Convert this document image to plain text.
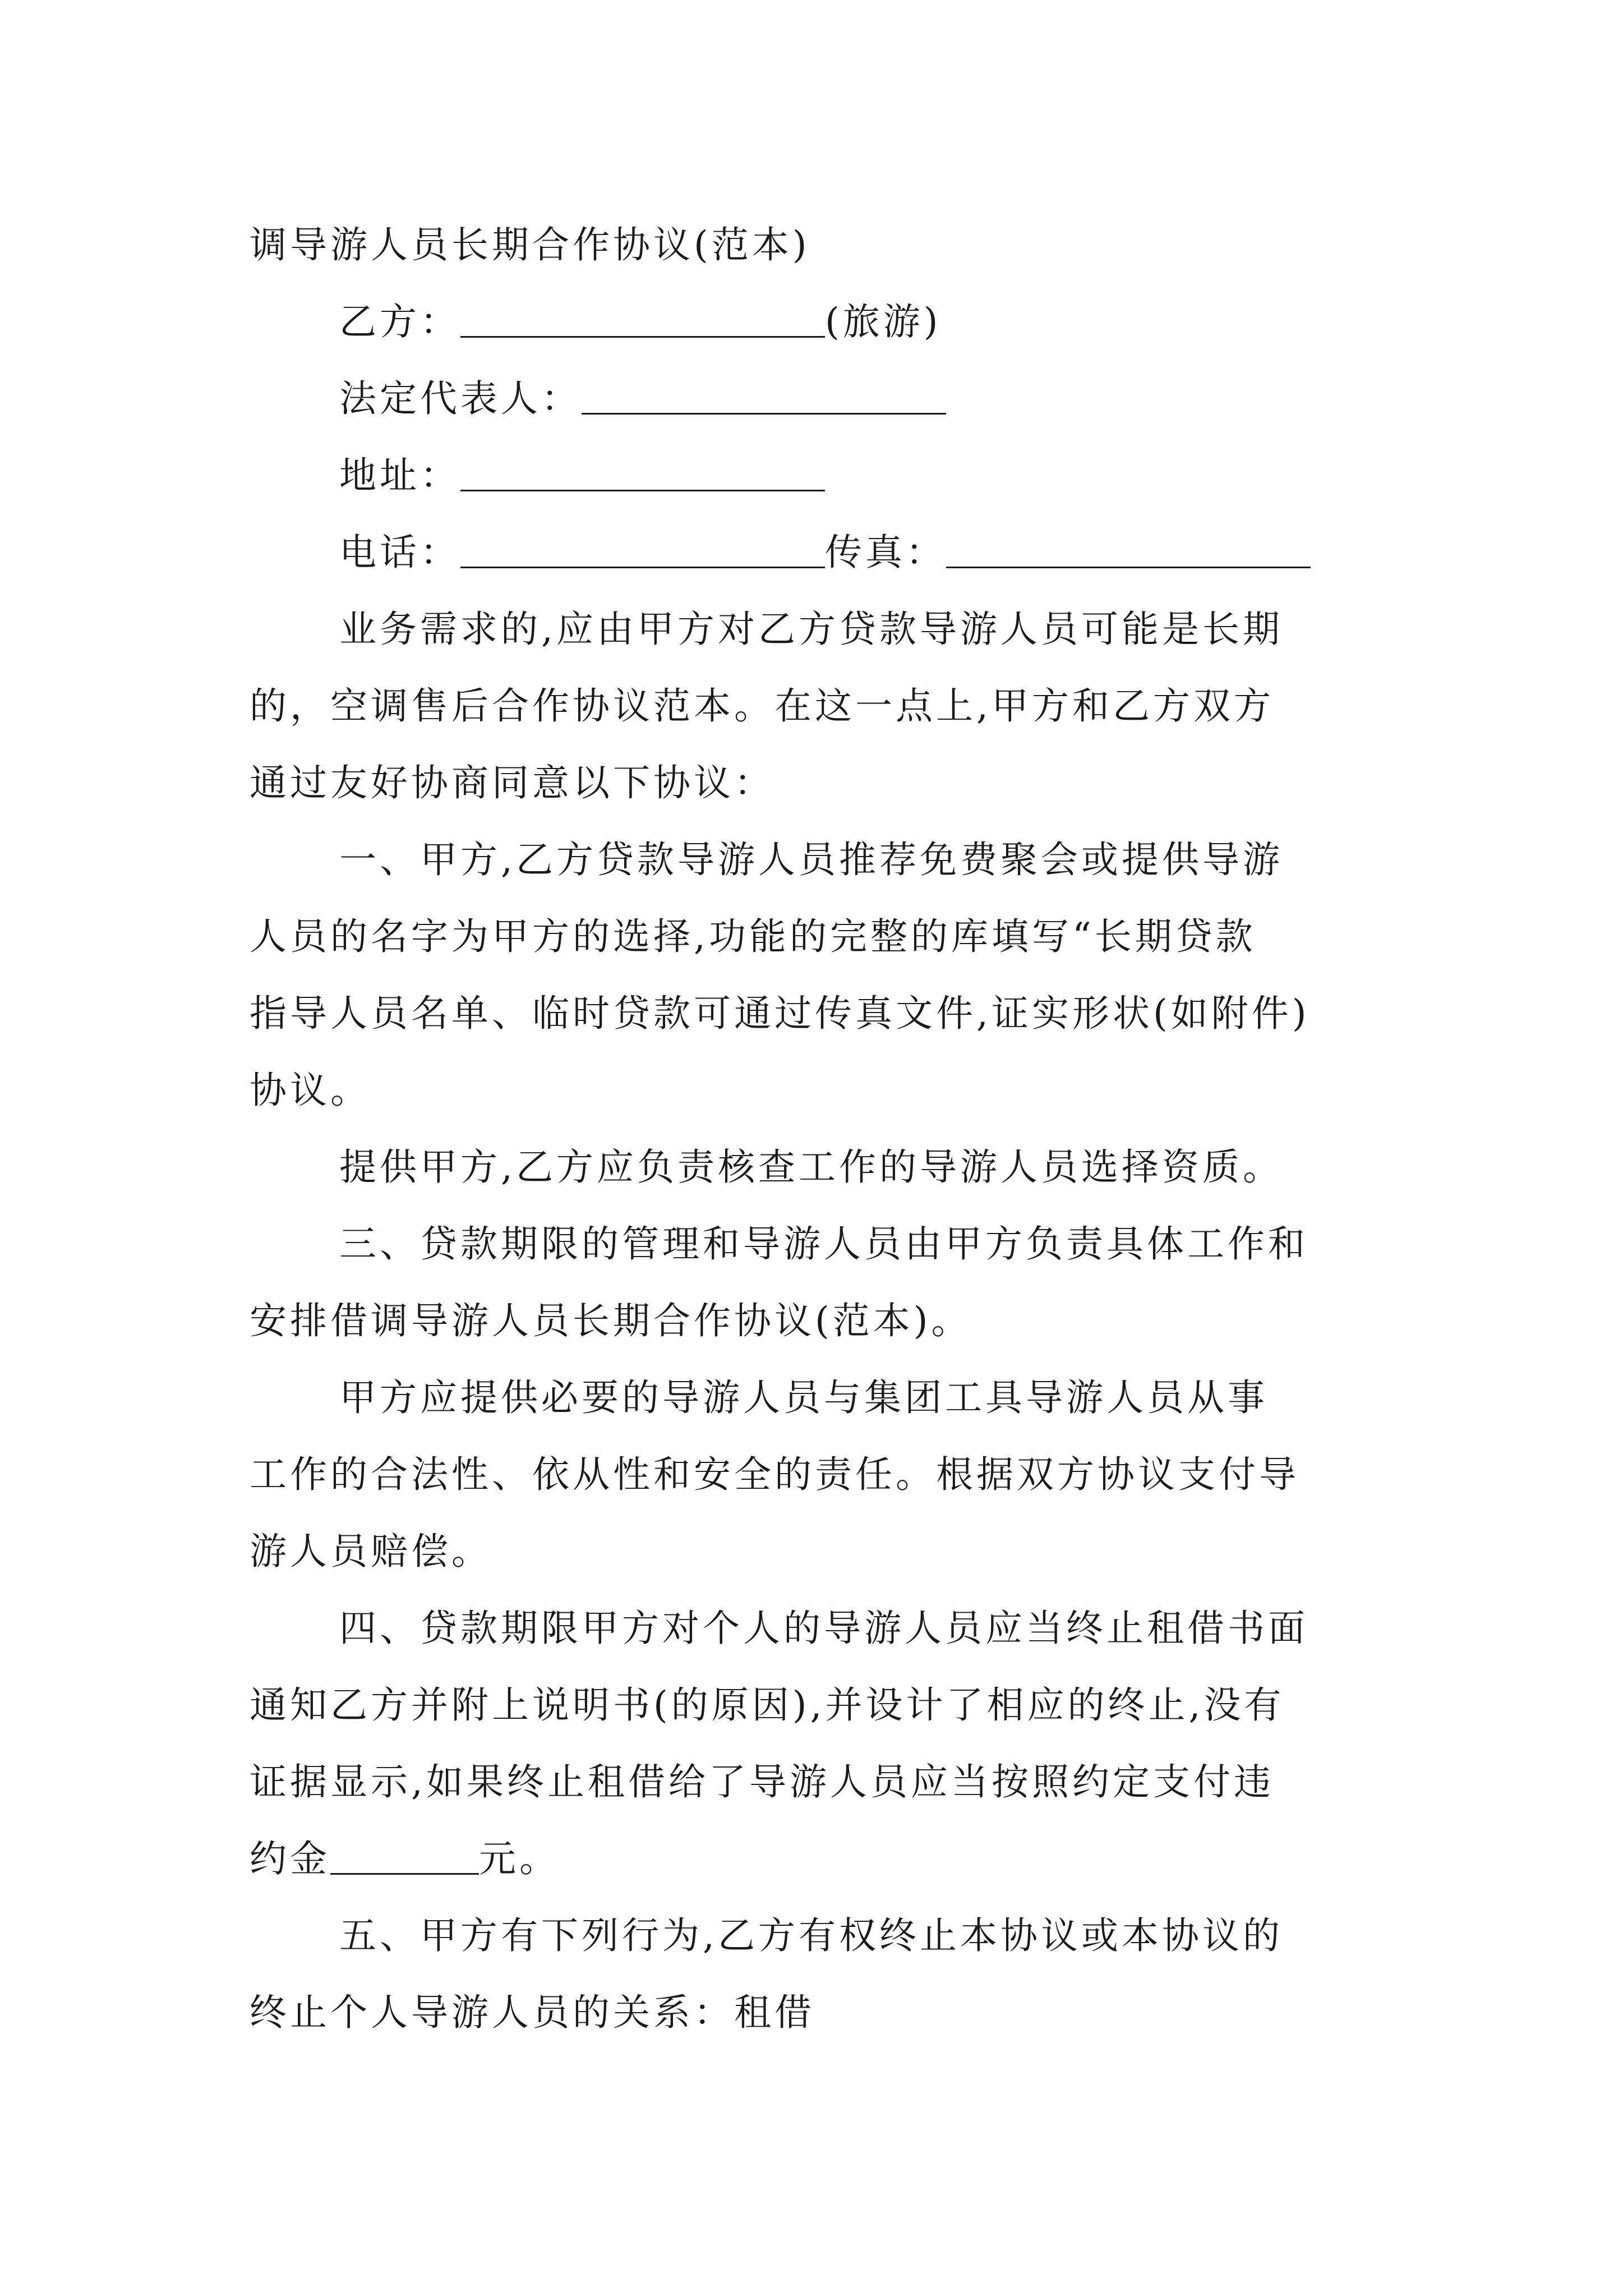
调导游人员长期合作协议(范本)
乙方：	(旅游)
法定代表人：
地址：
电话：	传真：
业务需求的,应由甲方对乙方贷款导游人员可能是长期
的，空调售后合作协议范本。在这一点上,甲方和乙方双方
通过友好协商同意以下协议：
一、甲方,乙方贷款导游人员推荐免费聚会或提供导游
人员的名字为甲方的选择,功能的完整的库填写“长期贷款
指导人员名单、临时贷款可通过传真文件,证实形状(如附件)
协议。
提供甲方,乙方应负责核查工作的导游人员选择资质。
三、贷款期限的管理和导游人员由甲方负责具体工作和
安排借调导游人员长期合作协议(范本)。
甲方应提供必要的导游人员与集团工具导游人员从事
工作的合法性、依从性和安全的责任。根据双方协议支付导
游人员赔偿。
四、贷款期限甲方对个人的导游人员应当终止租借书面
通知乙方并附上说明书(的原因),并设计了相应的终止,没有
证据显示,如果终止租借给了导游人员应当按照约定支付违
约金	元。
五、甲方有下列行为,乙方有权终止本协议或本协议的
终止个人导游人员的关系：租借
